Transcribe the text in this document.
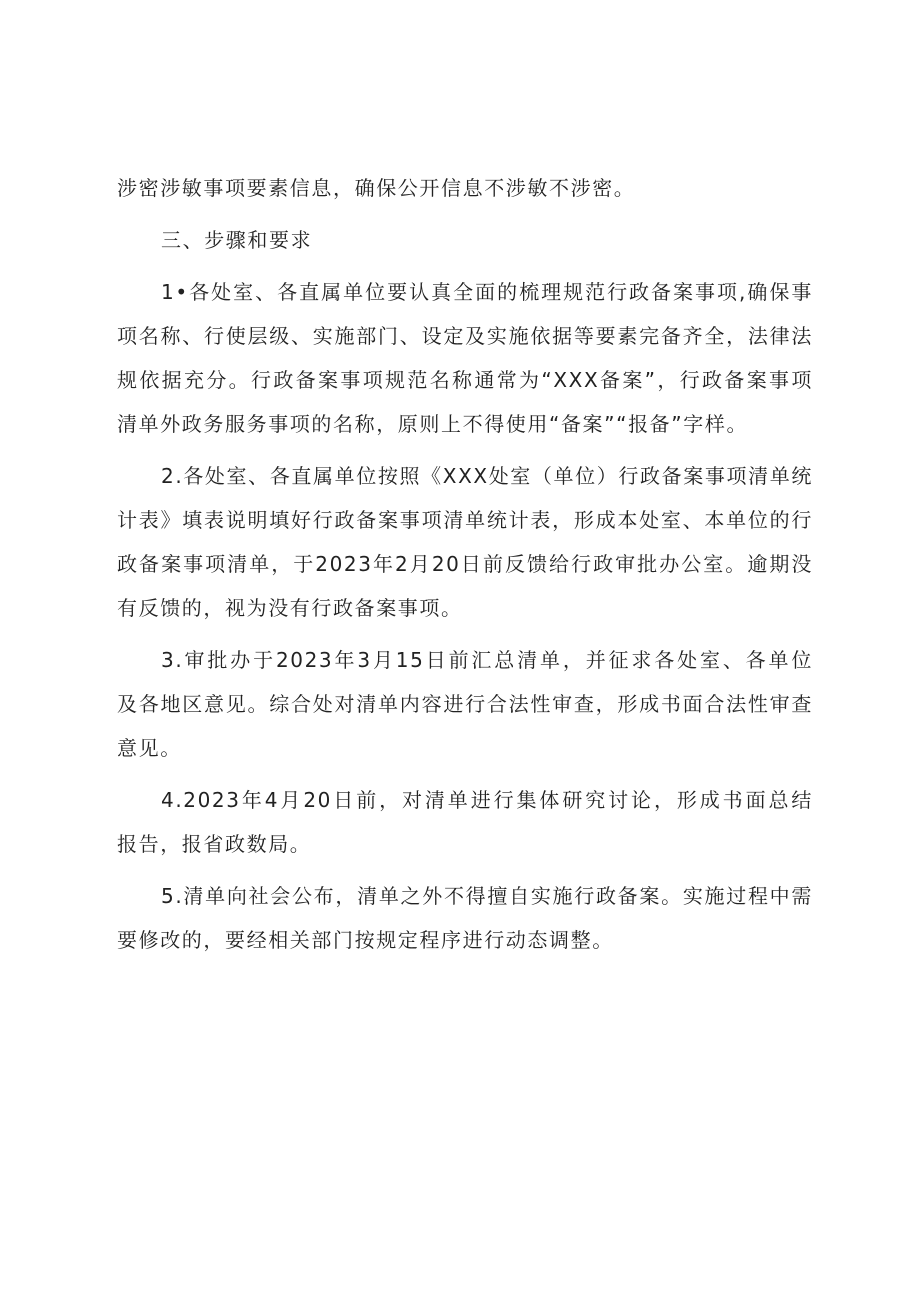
涉密涉敏事项要素信息，确保公开信息不涉敏不涉密。
三、步骤和要求
1•各处室、各直属单位要认真全面的梳理规范行政备案事项,确保事
项名称、行使层级、实施部门、设定及实施依据等要素完备齐全，法律法
规依据充分。行政备案事项规范名称通常为“XXX备案”，行政备案事项
清单外政务服务事项的名称，原则上不得使用“备案”“报备”字样。
2.各处室、各直属单位按照《XXX处室（单位）行政备案事项清单统
计表》填表说明填好行政备案事项清单统计表，形成本处室、本单位的行
政备案事项清单，于2023年2月20日前反馈给行政审批办公室。逾期没
有反馈的，视为没有行政备案事项。
3.审批办于2023年3月15日前汇总清单，并征求各处室、各单位
及各地区意见。综合处对清单内容进行合法性审查，形成书面合法性审查
意见。
4.2023年4月20日前，对清单进行集体研究讨论，形成书面总结
报告，报省政数局。
5.清单向社会公布，清单之外不得擅自实施行政备案。实施过程中需
要修改的，要经相关部门按规定程序进行动态调整。
